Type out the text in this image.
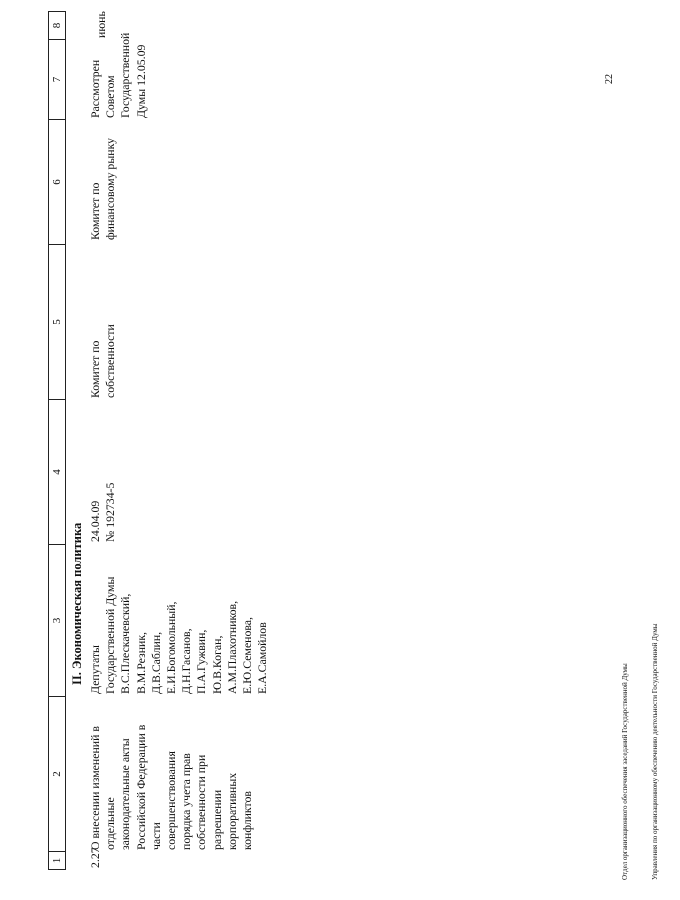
1
2
3
4
5
6
7
8
II. Экономическая политика
2.27
О внесении изменений в
отдельные
законодательные акты
Российской Федерации в
части
совершенствования
порядка учета прав
собственности при
разрешении
корпоративных
конфликтов
Депутаты
Государственной Думы
В.С.Плескачевский,
В.М.Резник,
Д.В.Саблин,
Е.И.Богомольный,
Д.Н.Гасанов,
П.А.Гужвин,
Ю.В.Коган,
А.М.Плахотников,
Е.Ю.Семенова,
Е.А.Самойлов
24.04.09
№ 192734-5
Комитет по
собственности
Комитет по
финансовому рынку
Рассмотрен
Советом
Государственной
Думы 12.05.09
июнь

Отдел организационного обеспечения заседаний Государственной Думы

	Управления по организационному обеспечению деятельности Государственной Думы

22
